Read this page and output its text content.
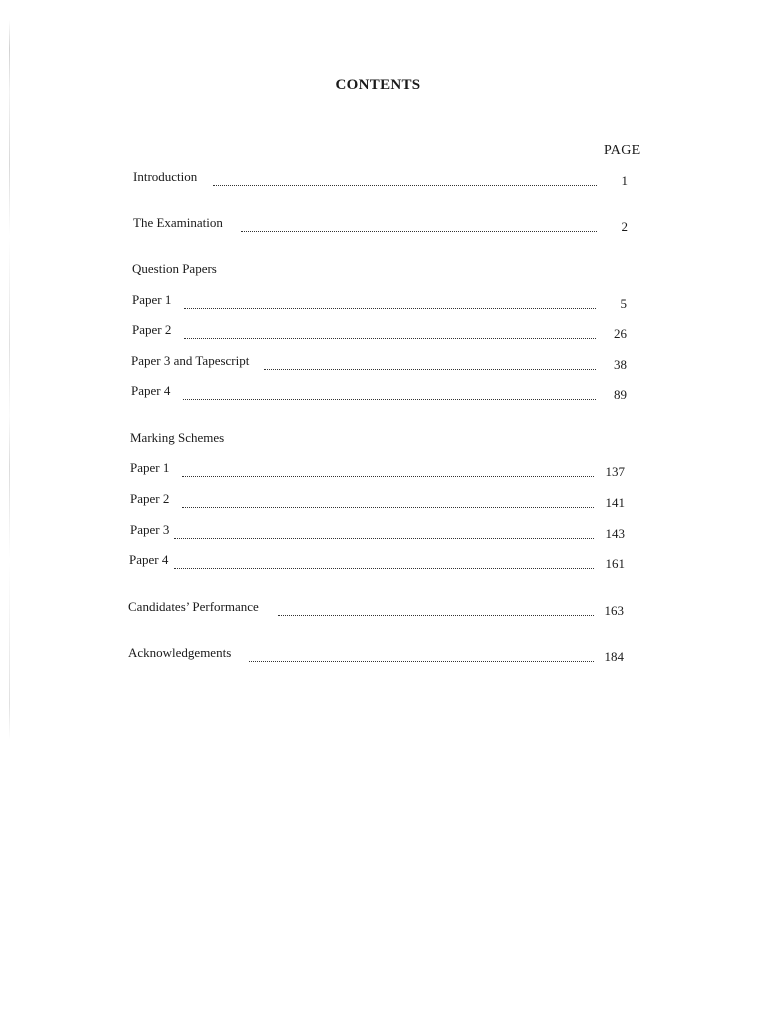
CONTENTS
PAGE
Introduction	1
The Examination	2
Question Papers
Paper 1	5
Paper 2	26
Paper 3 and Tapescript	38
Paper 4	89
Marking Schemes
Paper 1	137
Paper 2	141
Paper 3	143
Paper 4	161
Candidates’ Performance	163
Acknowledgements	184
